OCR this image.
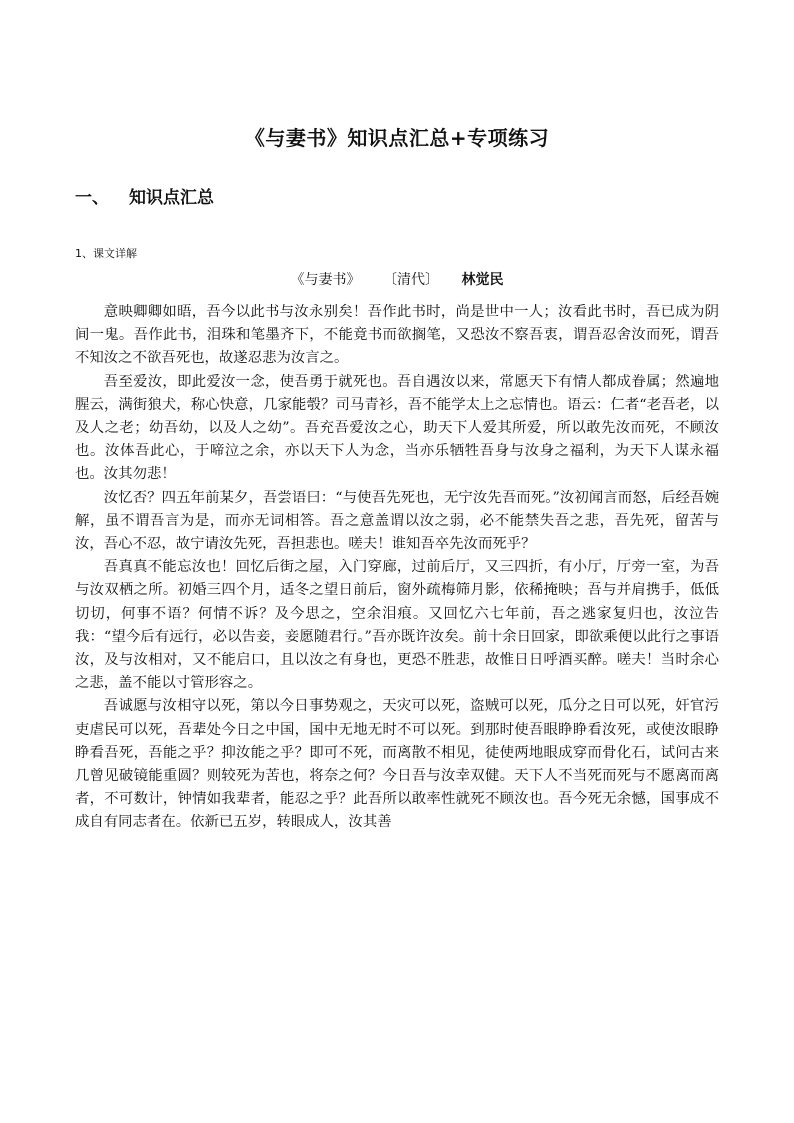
《与妻书》知识点汇总+专项练习
一、 知识点汇总
1、课文详解
《与妻书》 〔清代〕 林觉民

意映卿卿如晤，吾今以此书与汝永别矣！吾作此书时，尚是世中一人；汝看此书时，吾已成为阴间一鬼。吾作此书，泪珠和笔墨齐下，不能竟书而欲搁笔，又恐汝不察吾衷，谓吾忍舍汝而死，谓吾不知汝之不欲吾死也，故遂忍悲为汝言之。

吾至爱汝，即此爱汝一念，使吾勇于就死也。吾自遇汝以来，常愿天下有情人都成眷属；然遍地腥云，满街狼犬，称心快意，几家能彀？司马青衫，吾不能学太上之忘情也。语云：仁者“老吾老，以及人之老；幼吾幼，以及人之幼”。吾充吾爱汝之心，助天下人爱其所爱，所以敢先汝而死，不顾汝也。汝体吾此心，于啼泣之余，亦以天下人为念，当亦乐牺牲吾身与汝身之福利，为天下人谋永福也。汝其勿悲！

汝忆否？四五年前某夕，吾尝语曰：“与使吾先死也，无宁汝先吾而死。”汝初闻言而怒，后经吾婉解，虽不谓吾言为是，而亦无词相答。吾之意盖谓以汝之弱，必不能禁失吾之悲，吾先死，留苦与汝，吾心不忍，故宁请汝先死，吾担悲也。嗟夫！谁知吾卒先汝而死乎？

吾真真不能忘汝也！回忆后街之屋，入门穿廊，过前后厅，又三四折，有小厅，厅旁一室，为吾与汝双栖之所。初婚三四个月，适冬之望日前后，窗外疏梅筛月影，依稀掩映；吾与并肩携手，低低切切，何事不语？何情不诉？及今思之，空余泪痕。又回忆六七年前，吾之逃家复归也，汝泣告我：“望今后有远行，必以告妾，妾愿随君行。”吾亦既许汝矣。前十余日回家，即欲乘便以此行之事语汝，及与汝相对，又不能启口，且以汝之有身也，更恐不胜悲，故惟日日呼酒买醉。嗟夫！当时余心之悲，盖不能以寸管形容之。

吾诚愿与汝相守以死，第以今日事势观之，天灾可以死，盗贼可以死，瓜分之日可以死，奸官污吏虐民可以死，吾辈处今日之中国，国中无地无时不可以死。到那时使吾眼睁睁看汝死，或使汝眼睁睁看吾死，吾能之乎？抑汝能之乎？即可不死，而离散不相见，徒使两地眼成穿而骨化石，试问古来几曾见破镜能重圆？则较死为苦也，将奈之何？今日吾与汝幸双健。天下人不当死而死与不愿离而离者，不可数计，钟情如我辈者，能忍之乎？此吾所以敢率性就死不顾汝也。吾今死无余憾，国事成不成自有同志者在。依新已五岁，转眼成人，汝其善
